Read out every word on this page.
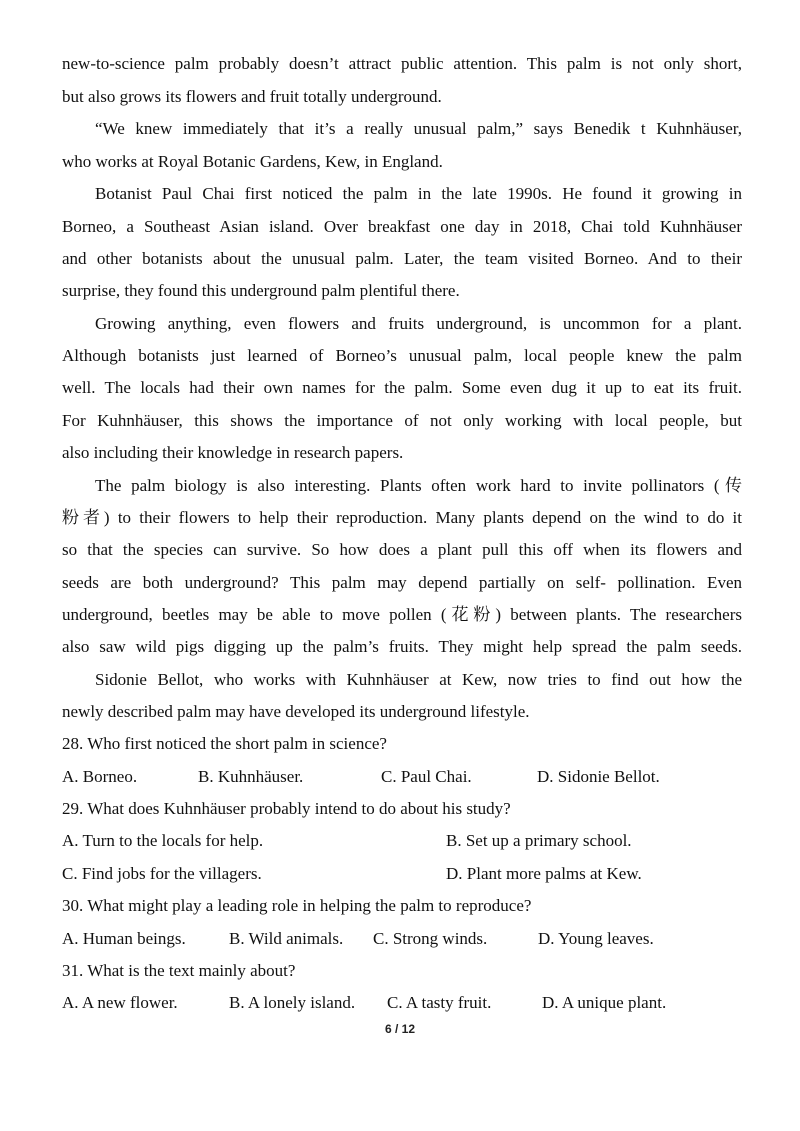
new-to-science palm probably doesn’t attract public attention. This palm is not only short,
but also grows its flowers and fruit totally underground.
“We knew immediately that it’s a really unusual palm,” says Benedik t Kuhnhäuser,
who works at Royal Botanic Gardens, Kew, in England.
Botanist Paul Chai first noticed the palm in the late 1990s. He found it growing in
Borneo, a Southeast Asian island. Over breakfast one day in 2018, Chai told Kuhnhäuser
and other botanists about the unusual palm. Later, the team visited Borneo. And to their
surprise, they found this underground palm plentiful there.
Growing anything, even flowers and fruits underground, is uncommon for a plant.
Although botanists just learned of Borneo’s unusual palm, local people knew the palm
well. The locals had their own names for the palm. Some even dug it up to eat its fruit.
For Kuhnhäuser, this shows the importance of not only working with local people, but
also including their knowledge in research papers.
The palm biology is also interesting. Plants often work hard to invite pollinators (传
粉者) to their flowers to help their reproduction. Many plants depend on the wind to do it
so that the species can survive. So how does a plant pull this off when its flowers and
seeds are both underground? This palm may depend partially on self- pollination. Even
underground, beetles may be able to move pollen (花粉) between plants. The researchers
also saw wild pigs digging up the palm’s fruits. They might help spread the palm seeds.
Sidonie Bellot, who works with Kuhnhäuser at Kew, now tries to find out how the
newly described palm may have developed its underground lifestyle.
28. Who first noticed the short palm in science?
A. Borneo.	B. Kuhnhäuser.	C. Paul Chai.	D. Sidonie Bellot.
29. What does Kuhnhäuser probably intend to do about his study?
A. Turn to the locals for help.	B. Set up a primary school.
C. Find jobs for the villagers.	D. Plant more palms at Kew.
30. What might play a leading role in helping the palm to reproduce?
A. Human beings.	B. Wild animals. C. Strong winds.	D. Young leaves.
31. What is the text mainly about?
A. A new flower.	B. A lonely island. C. A tasty fruit.	D. A unique plant.
6 / 12
